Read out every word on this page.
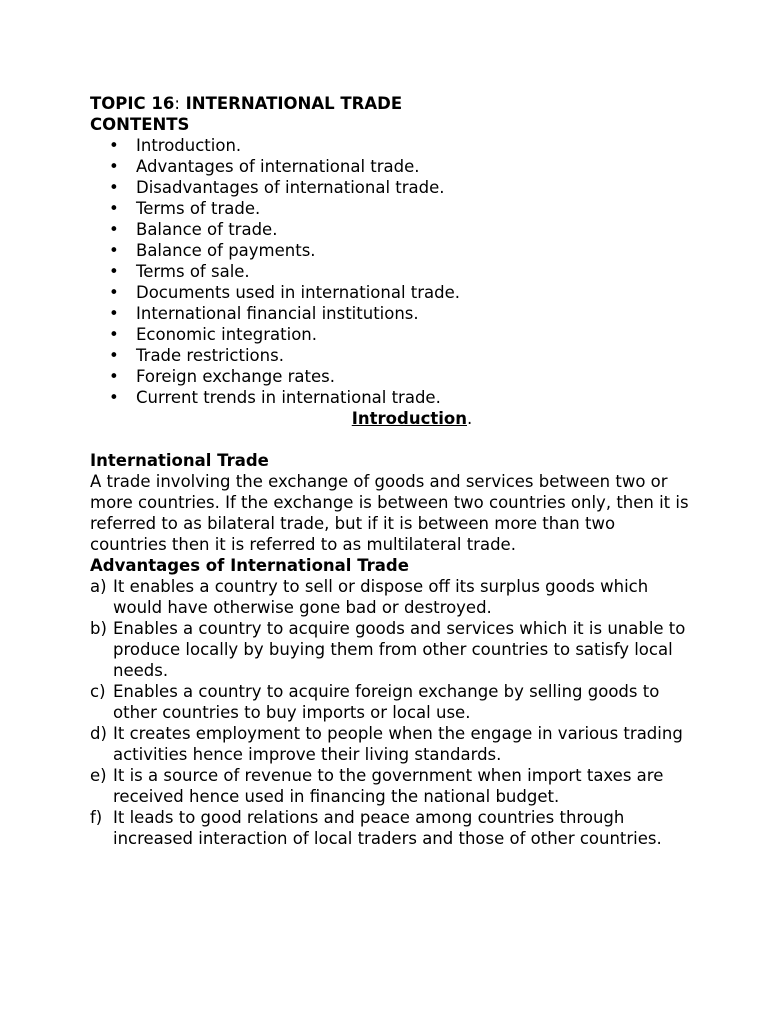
TOPIC 16: INTERNATIONAL TRADE
CONTENTS
• Introduction.
• Advantages of international trade.
• Disadvantages of international trade.
• Terms of trade.
• Balance of trade.
• Balance of payments.
• Terms of sale.
• Documents used in international trade.
• International financial institutions.
• Economic integration.
• Trade restrictions.
• Foreign exchange rates.
• Current trends in international trade.
Introduction.
International Trade

A trade involving the exchange of goods and services between two or more countries. If the exchange is between two countries only, then it is referred to as bilateral trade, but if it is between more than two countries then it is referred to as multilateral trade.

Advantages of International Trade
a) It enables a country to sell or dispose off its surplus goods which would have otherwise gone bad or destroyed.
b) Enables a country to acquire goods and services which it is unable to produce locally by buying them from other countries to satisfy local needs.
c) Enables a country to acquire foreign exchange by selling goods to other countries to buy imports or local use.
d) It creates employment to people when the engage in various trading activities hence improve their living standards.
e) It is a source of revenue to the government when import taxes are received hence used in financing the national budget.
f) It leads to good relations and peace among countries through increased interaction of local traders and those of other countries.
